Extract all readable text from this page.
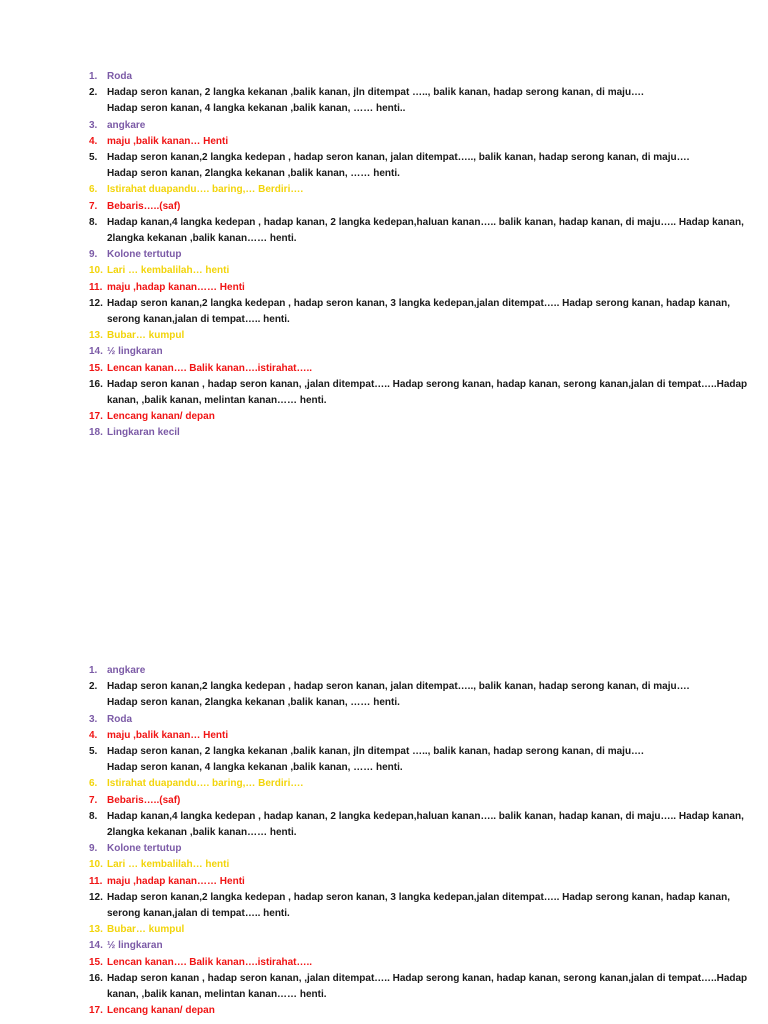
1. Roda
2. Hadap seron kanan, 2 langka kekanan ,balik kanan, jln ditempat ….., balik kanan, hadap serong kanan, di maju….
Hadap seron kanan, 4 langka kekanan ,balik kanan, …… henti..
3. angkare
4. maju ,balik kanan… Henti
5. Hadap seron kanan,2 langka kedepan , hadap seron kanan, jalan ditempat….., balik kanan, hadap serong kanan, di maju….
Hadap seron kanan, 2langka kekanan ,balik kanan, …… henti.
6. Istirahat duapandu…. baring,… Berdiri….
7. Bebaris…..(saf)
8. Hadap kanan,4 langka kedepan , hadap kanan, 2 langka kedepan,haluan kanan….. balik kanan, hadap kanan, di maju….. Hadap kanan, 2langka kekanan ,balik kanan…… henti.
9. Kolone tertutup
10. Lari … kembalilah… henti
11. maju ,hadap kanan…… Henti
12. Hadap seron kanan,2 langka kedepan , hadap seron kanan, 3 langka kedepan,jalan ditempat….. Hadap serong kanan, hadap kanan, serong kanan,jalan di tempat….. henti.
13. Bubar… kumpul
14. ½ lingkaran
15. Lencan kanan…. Balik kanan….istirahat…..
16. Hadap seron kanan , hadap seron kanan, ,jalan ditempat….. Hadap serong kanan, hadap kanan, serong kanan,jalan di tempat…..Hadap kanan, ,balik kanan, melintan kanan…… henti.
17. Lencang kanan/ depan
18. Lingkaran kecil
1. angkare
2. Hadap seron kanan,2 langka kedepan , hadap seron kanan, jalan ditempat….., balik kanan, hadap serong kanan, di maju….
Hadap seron kanan, 2langka kekanan ,balik kanan, …… henti.
3. Roda
4. maju ,balik kanan… Henti
5. Hadap seron kanan, 2 langka kekanan ,balik kanan, jln ditempat ….., balik kanan, hadap serong kanan, di maju….
Hadap seron kanan, 4 langka kekanan ,balik kanan, …… henti.
6. Istirahat duapandu…. baring,… Berdiri….
7. Bebaris…..(saf)
8. Hadap kanan,4 langka kedepan , hadap kanan, 2 langka kedepan,haluan kanan….. balik kanan, hadap kanan, di maju….. Hadap kanan, 2langka kekanan ,balik kanan…… henti.
9. Kolone tertutup
10. Lari … kembalilah… henti
11. maju ,hadap kanan…… Henti
12. Hadap seron kanan,2 langka kedepan , hadap seron kanan, 3 langka kedepan,jalan ditempat….. Hadap serong kanan, hadap kanan, serong kanan,jalan di tempat….. henti.
13. Bubar… kumpul
14. ½ lingkaran
15. Lencan kanan…. Balik kanan….istirahat…..
16. Hadap seron kanan , hadap seron kanan, ,jalan ditempat….. Hadap serong kanan, hadap kanan, serong kanan,jalan di tempat…..Hadap kanan, ,balik kanan, melintan kanan…… henti.
17. Lencang kanan/ depan
